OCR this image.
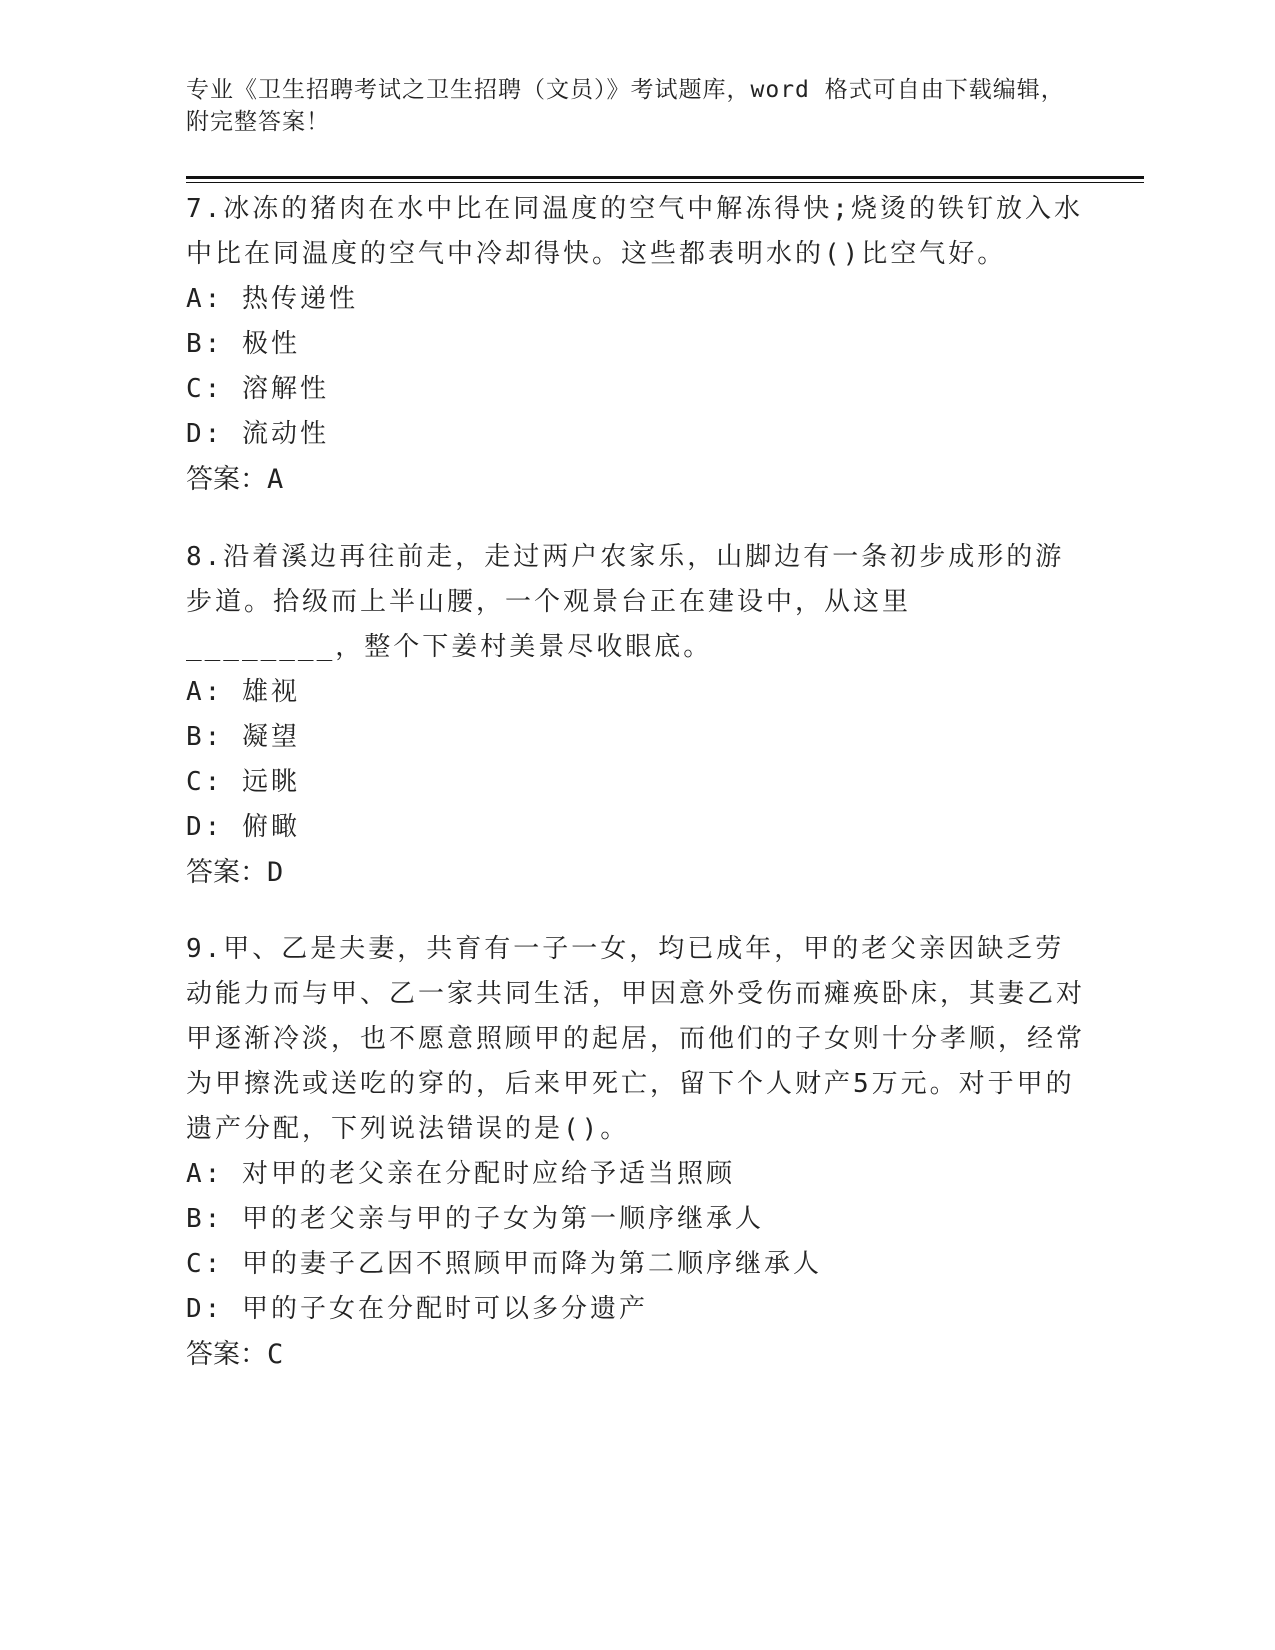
专业《卫生招聘考试之卫生招聘（文员）》考试题库，word 格式可自由下载编辑，附完整答案！

7.冰冻的猪肉在水中比在同温度的空气中解冻得快;烧烫的铁钉放入水中比在同温度的空气中冷却得快。这些都表明水的()比空气好。

A: 热传递性

B: 极性

C: 溶解性

D: 流动性

答案：A

8.沿着溪边再往前走，走过两户农家乐，山脚边有一条初步成形的游步道。拾级而上半山腰，一个观景台正在建设中，从这里________，整个下姜村美景尽收眼底。

A: 雄视

B: 凝望

C: 远眺

D: 俯瞰

答案：D

9.甲、乙是夫妻，共育有一子一女，均已成年，甲的老父亲因缺乏劳动能力而与甲、乙一家共同生活，甲因意外受伤而瘫痪卧床，其妻乙对甲逐渐冷淡，也不愿意照顾甲的起居，而他们的子女则十分孝顺，经常为甲擦洗或送吃的穿的，后来甲死亡，留下个人财产5万元。对于甲的遗产分配，下列说法错误的是()。

A: 对甲的老父亲在分配时应给予适当照顾

B: 甲的老父亲与甲的子女为第一顺序继承人

C: 甲的妻子乙因不照顾甲而降为第二顺序继承人

D: 甲的子女在分配时可以多分遗产

答案：C
